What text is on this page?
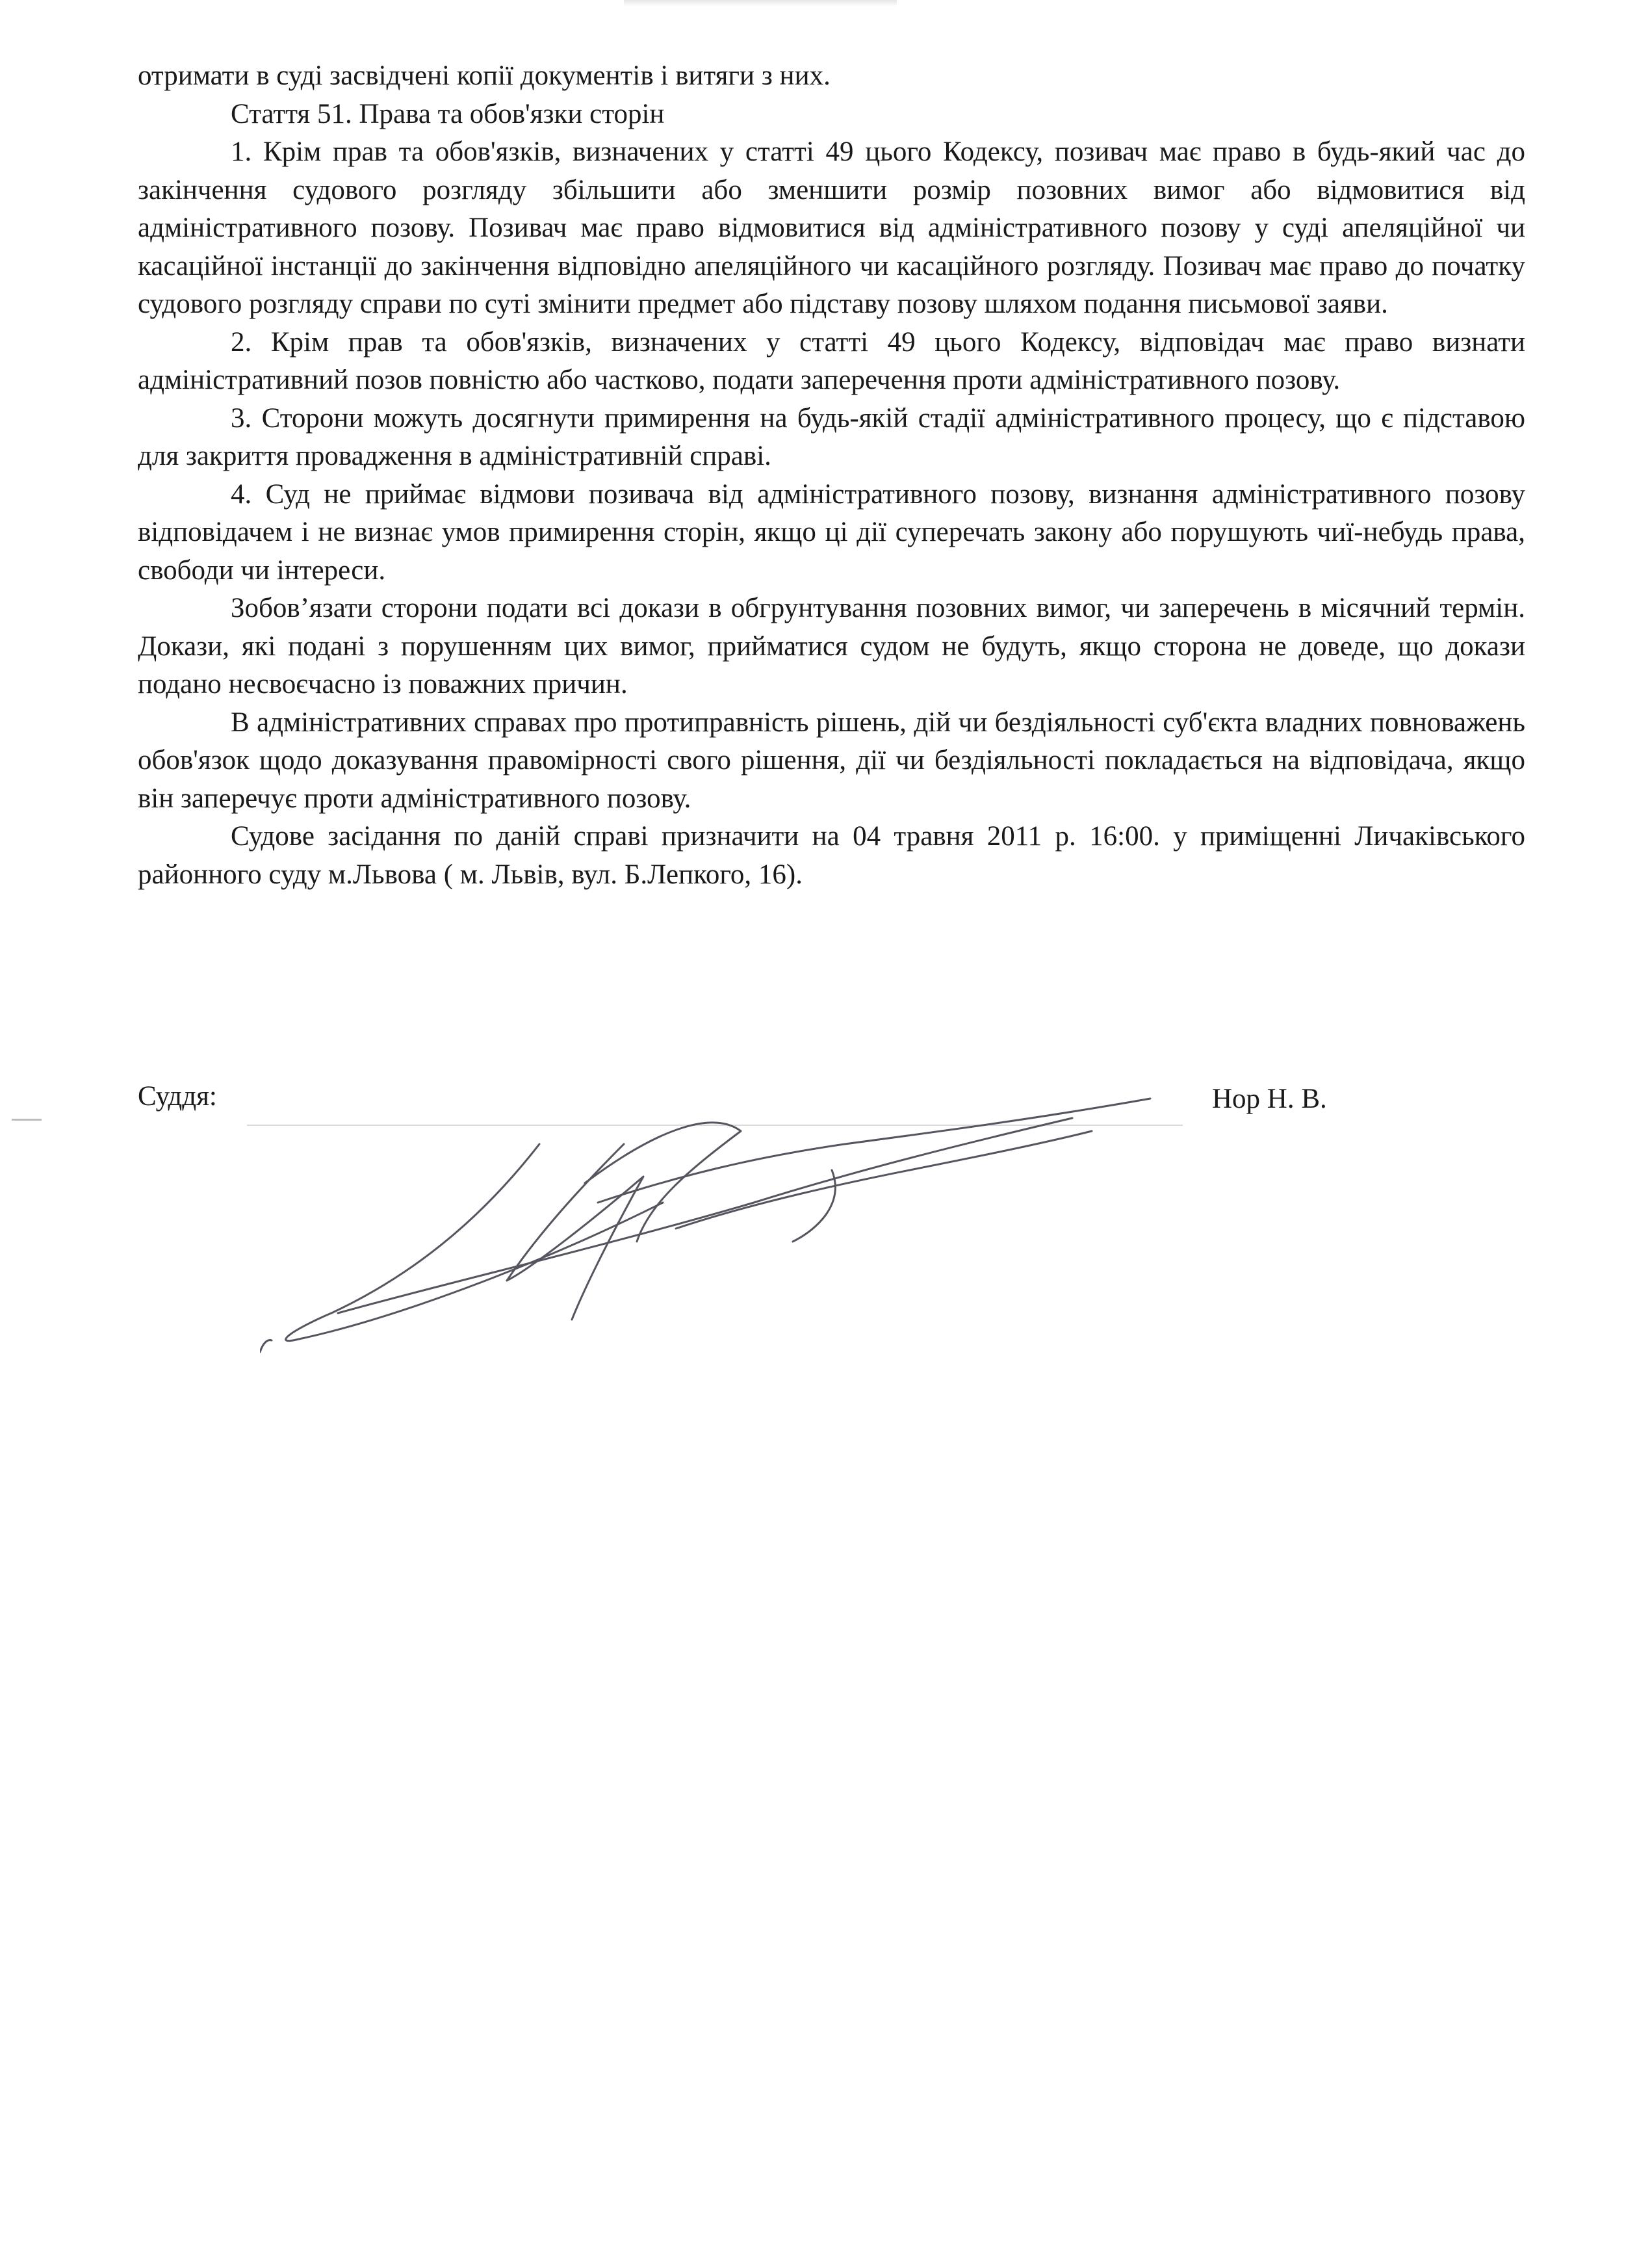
отримати в суді засвідчені копії документів і витяги з них.

Стаття 51. Права та обов'язки сторін

1. Крім прав та обов'язків, визначених у статті 49 цього Кодексу, позивач має право в будь-який час до закінчення судового розгляду збільшити або зменшити розмір позовних вимог або відмовитися від адміністративного позову. Позивач має право відмовитися від адміністративного позову у суді апеляційної чи касаційної інстанції до закінчення відповідно апеляційного чи касаційного розгляду. Позивач має право до початку судового розгляду справи по суті змінити предмет або підставу позову шляхом подання письмової заяви.

2. Крім прав та обов'язків, визначених у статті 49 цього Кодексу, відповідач має право визнати адміністративний позов повністю або частково, подати заперечення проти адміністративного позову.

3. Сторони можуть досягнути примирення на будь-якій стадії адміністративного процесу, що є підставою для закриття провадження в адміністративній справі.

4. Суд не приймає відмови позивача від адміністративного позову, визнання адміністративного позову відповідачем і не визнає умов примирення сторін, якщо ці дії суперечать закону або порушують чиї-небудь права, свободи чи інтереси.

Зобов’язати сторони подати всі докази в обгрунтування позовних вимог, чи заперечень в місячний термін. Докази, які подані з порушенням цих вимог, прийматися судом не будуть, якщо сторона не доведе, що докази подано несвоєчасно із поважних причин.

В адміністративних справах про протиправність рішень, дій чи бездіяльності суб'єкта владних повноважень обов'язок щодо доказування правомірності свого рішення, дії чи бездіяльності покладається на відповідача, якщо він заперечує проти адміністративного позову.

Судове засідання по даній справі призначити на 04 травня 2011 р. 16:00. у приміщенні Личаківського районного суду м.Львова ( м. Львів, вул. Б.Лепкого, 16).

Суддя:	Нор Н. В.
